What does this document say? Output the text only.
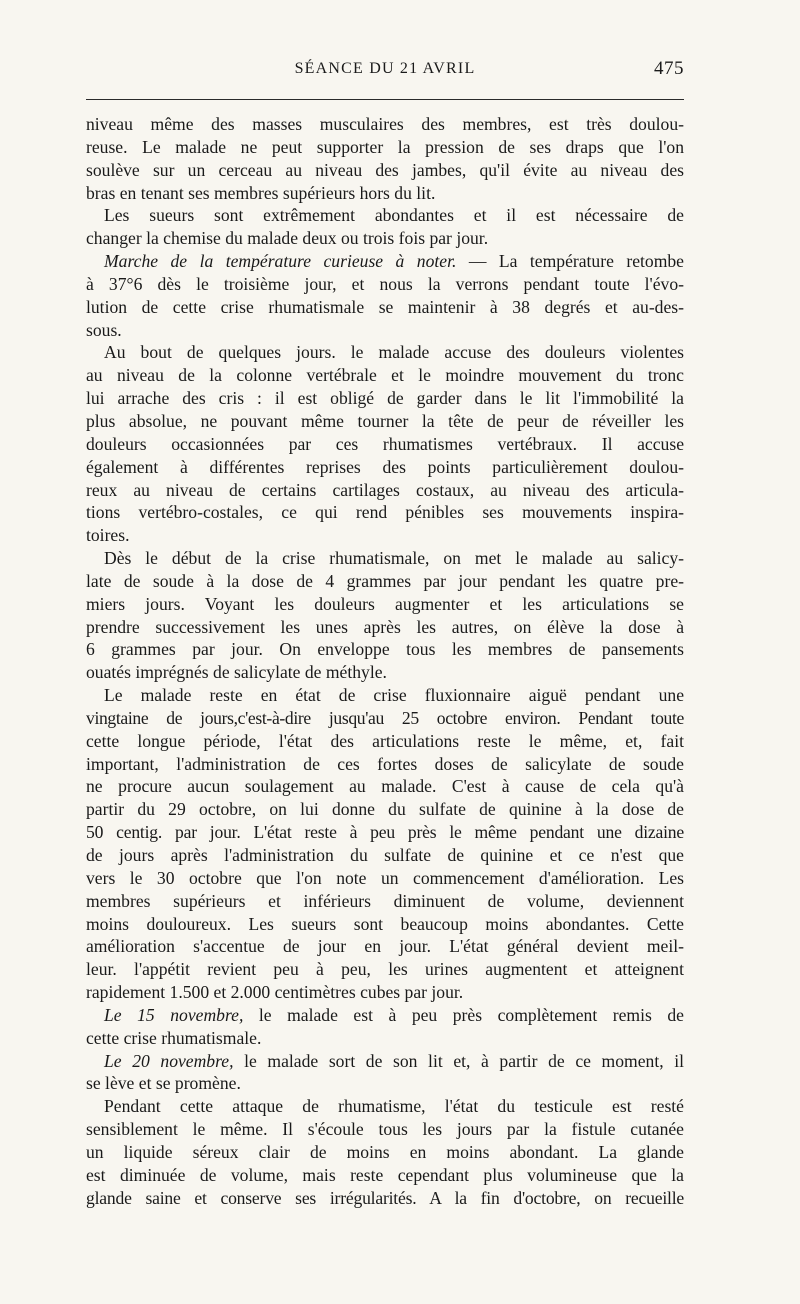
SÉANCE DU 21 AVRIL	475
niveau même des masses musculaires des membres, est très doulou-
reuse. Le malade ne peut supporter la pression de ses draps que l'on
soulève sur un cerceau au niveau des jambes, qu'il évite au niveau des
bras en tenant ses membres supérieurs hors du lit.
Les sueurs sont extrêmement abondantes et il est nécessaire de
changer la chemise du malade deux ou trois fois par jour.
Marche de la température curieuse à noter. — La température retombe
à 37°6 dès le troisième jour, et nous la verrons pendant toute l'évo-
lution de cette crise rhumatismale se maintenir à 38 degrés et au-des-
sous.
Au bout de quelques jours. le malade accuse des douleurs violentes
au niveau de la colonne vertébrale et le moindre mouvement du tronc
lui arrache des cris : il est obligé de garder dans le lit l'immobilité la
plus absolue, ne pouvant même tourner la tête de peur de réveiller les
douleurs occasionnées par ces rhumatismes vertébraux. Il accuse
également à différentes reprises des points particulièrement doulou-
reux au niveau de certains cartilages costaux, au niveau des articula-
tions vertébro-costales, ce qui rend pénibles ses mouvements inspira-
toires.
Dès le début de la crise rhumatismale, on met le malade au salicy-
late de soude à la dose de 4 grammes par jour pendant les quatre pre-
miers jours. Voyant les douleurs augmenter et les articulations se
prendre successivement les unes après les autres, on élève la dose à
6 grammes par jour. On enveloppe tous les membres de pansements
ouatés imprégnés de salicylate de méthyle.
Le malade reste en état de crise fluxionnaire aiguë pendant une
vingtaine de jours,c'est-à-dire jusqu'au 25 octobre environ. Pendant toute
cette longue période, l'état des articulations reste le même, et, fait
important, l'administration de ces fortes doses de salicylate de soude
ne procure aucun soulagement au malade. C'est à cause de cela qu'à
partir du 29 octobre, on lui donne du sulfate de quinine à la dose de
50 centig. par jour. L'état reste à peu près le même pendant une dizaine
de jours après l'administration du sulfate de quinine et ce n'est que
vers le 30 octobre que l'on note un commencement d'amélioration. Les
membres supérieurs et inférieurs diminuent de volume, deviennent
moins douloureux. Les sueurs sont beaucoup moins abondantes. Cette
amélioration s'accentue de jour en jour. L'état général devient meil-
leur. l'appétit revient peu à peu, les urines augmentent et atteignent
rapidement 1.500 et 2.000 centimètres cubes par jour.
Le 15 novembre, le malade est à peu près complètement remis de
cette crise rhumatismale.
Le 20 novembre, le malade sort de son lit et, à partir de ce moment, il
se lève et se promène.
Pendant cette attaque de rhumatisme, l'état du testicule est resté
sensiblement le même. Il s'écoule tous les jours par la fistule cutanée
un liquide séreux clair de moins en moins abondant. La glande
est diminuée de volume, mais reste cependant plus volumineuse que la
glande saine et conserve ses irrégularités. A la fin d'octobre, on recueille
